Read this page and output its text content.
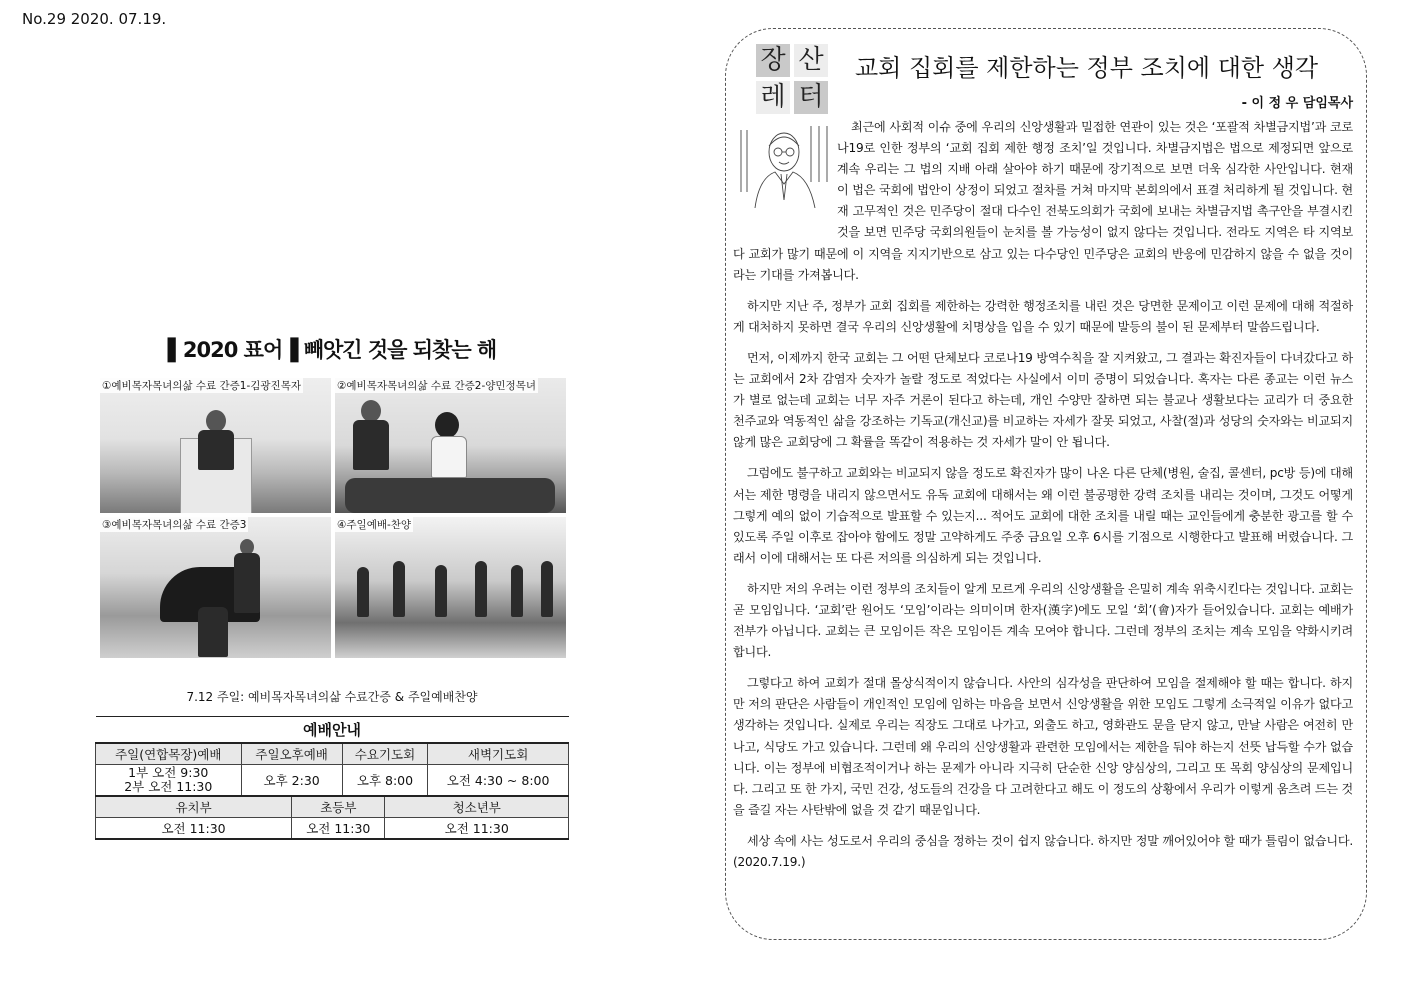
No.29 2020. 07.19.
▌2020 표어▐ 빼앗긴 것을 되찾는 해
①예비목자목녀의삶 수료 간증1-김광진목자	②예비목자목녀의삶 수료 간증2-양민정목녀
③예비목자목녀의삶 수료 간증3	④주일예배-찬양
7.12 주일: 예비목자목녀의삶 수료간증 & 주일예배찬양
예배안내					
주일(연합목장)예배	주일오후예배		수요기도회		새벽기도회
1부 오전 9:30
2부 오전 11:30	오후 2:30		오후 8:00		오전 4:30 ~ 8:00
유치부		초등부		청소년부	
오전 11:30		오전 11:30		오전 11:30	
장 산
레 터
교회 집회를 제한하는 정부 조치에 대한 생각
- 이 정 우 담임목사

최근에 사회적 이슈 중에 우리의 신앙생활과 밀접한 연관이 있는 것은 ‘포괄적 차별금지법’과 코로나19로 인한 정부의 ‘교회 집회 제한 행정 조치’일 것입니다. 차별금지법은 법으로 제정되면 앞으로 계속 우리는 그 법의 지배 아래 살아야 하기 때문에 장기적으로 보면 더욱 심각한 사안입니다. 현재 이 법은 국회에 법안이 상정이 되었고 절차를 거쳐 마지막 본회의에서 표결 처리하게 될 것입니다. 현재 고무적인 것은 민주당이 절대 다수인 전북도의회가 국회에 보내는 차별금지법 촉구안을 부결시킨 것을 보면 민주당 국회의원들이 눈치를 볼 가능성이 없지 않다는 것입니다. 전라도 지역은 타 지역보다 교회가 많기 때문에 이 지역을 지지기반으로 삼고 있는 다수당인 민주당은 교회의 반응에 민감하지 않을 수 없을 것이라는 기대를 가져봅니다.

하지만 지난 주, 정부가 교회 집회를 제한하는 강력한 행정조치를 내린 것은 당면한 문제이고 이런 문제에 대해 적절하게 대처하지 못하면 결국 우리의 신앙생활에 치명상을 입을 수 있기 때문에 발등의 불이 된 문제부터 말씀드립니다.

먼저, 이제까지 한국 교회는 그 어떤 단체보다 코로나19 방역수칙을 잘 지켜왔고, 그 결과는 확진자들이 다녀갔다고 하는 교회에서 2차 감염자 숫자가 놀랄 정도로 적었다는 사실에서 이미 증명이 되었습니다. 혹자는 다른 종교는 이런 뉴스가 별로 없는데 교회는 너무 자주 거론이 된다고 하는데, 개인 수양만 잘하면 되는 불교나 생활보다는 교리가 더 중요한 천주교와 역동적인 삶을 강조하는 기독교(개신교)를 비교하는 자세가 잘못 되었고, 사찰(절)과 성당의 숫자와는 비교되지 않게 많은 교회당에 그 확률을 똑같이 적용하는 것 자세가 말이 안 됩니다.

그럼에도 불구하고 교회와는 비교되지 않을 정도로 확진자가 많이 나온 다른 단체(병원, 술집, 콜센터, pc방 등)에 대해서는 제한 명령을 내리지 않으면서도 유독 교회에 대해서는 왜 이런 불공평한 강력 조치를 내리는 것이며, 그것도 어떻게 그렇게 예의 없이 기습적으로 발표할 수 있는지... 적어도 교회에 대한 조치를 내릴 때는 교인들에게 충분한 광고를 할 수 있도록 주일 이후로 잡아야 함에도 정말 고약하게도 주중 금요일 오후 6시를 기점으로 시행한다고 발표해 버렸습니다. 그래서 이에 대해서는 또 다른 저의를 의심하게 되는 것입니다.

하지만 저의 우려는 이런 정부의 조치들이 알게 모르게 우리의 신앙생활을 은밀히 계속 위축시킨다는 것입니다. 교회는 곧 모임입니다. ‘교회’란 원어도 ‘모임’이라는 의미이며 한자(漢字)에도 모일 ‘회’(會)자가 들어있습니다. 교회는 예배가 전부가 아닙니다. 교회는 큰 모임이든 작은 모임이든 계속 모여야 합니다. 그런데 정부의 조치는 계속 모임을 약화시키려 합니다.

그렇다고 하여 교회가 절대 몰상식적이지 않습니다. 사안의 심각성을 판단하여 모임을 절제해야 할 때는 합니다. 하지만 저의 판단은 사람들이 개인적인 모임에 임하는 마음을 보면서 신앙생활을 위한 모임도 그렇게 소극적일 이유가 없다고 생각하는 것입니다. 실제로 우리는 직장도 그대로 나가고, 외출도 하고, 영화관도 문을 닫지 않고, 만날 사람은 여전히 만나고, 식당도 가고 있습니다. 그런데 왜 우리의 신앙생활과 관련한 모임에서는 제한을 둬야 하는지 선뜻 납득할 수가 없습니다. 이는 정부에 비협조적이거나 하는 문제가 아니라 지극히 단순한 신앙 양심상의, 그리고 또 목회 양심상의 문제입니다. 그리고 또 한 가지, 국민 건강, 성도들의 건강을 다 고려한다고 해도 이 정도의 상황에서 우리가 이렇게 움츠려 드는 것을 즐길 자는 사탄밖에 없을 것 같기 때문입니다.

세상 속에 사는 성도로서 우리의 중심을 정하는 것이 쉽지 않습니다. 하지만 정말 깨어있어야 할 때가 틀림이 없습니다.(2020.7.19.)
